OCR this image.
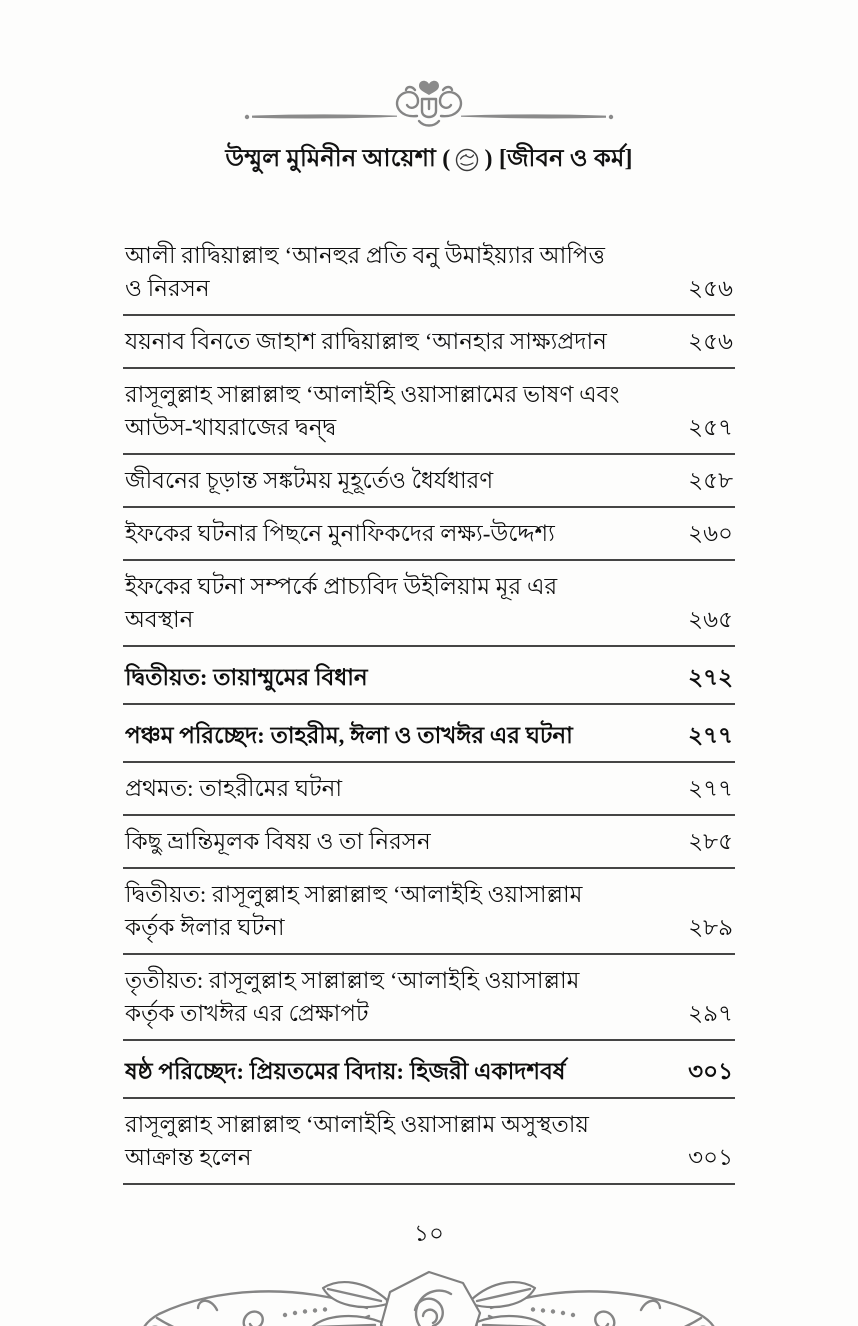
উম্মুল মুমিনীন আয়েশা ( ) [জীবন ও কর্ম]
আলী রাদ্বিয়াল্লাহু ‘আনহুর প্রতি বনু উমাইয়্যার আপিত্ত ও নিরসন	২৫৬
যয়নাব বিনতে জাহাশ রাদ্বিয়াল্লাহু ‘আনহার সাক্ষ্যপ্রদান	২৫৬
রাসূলুল্লাহ সাল্লাল্লাহু ‘আলাইহি ওয়াসাল্লামের ভাষণ এবং আউস-খাযরাজের দ্বন্দ্ব	২৫৭
জীবনের চূড়ান্ত সঙ্কটময় মূহূর্তেও ধৈর্যধারণ	২৫৮
ইফকের ঘটনার পিছনে মুনাফিকদের লক্ষ্য-উদ্দেশ্য	২৬০
ইফকের ঘটনা সম্পর্কে প্রাচ্যবিদ উইলিয়াম মূর এর অবস্থান	২৬৫
দ্বিতীয়ত: তায়াম্মুমের বিধান	২৭২
পঞ্চম পরিচ্ছেদ: তাহরীম, ঈলা ও তাখঈর এর ঘটনা	২৭৭
প্রথমত: তাহরীমের ঘটনা	২৭৭
কিছু ভ্রান্তিমূলক বিষয় ও তা নিরসন	২৮৫
দ্বিতীয়ত: রাসূলুল্লাহ সাল্লাল্লাহু ‘আলাইহি ওয়াসাল্লাম কর্তৃক ঈলার ঘটনা	২৮৯
তৃতীয়ত: রাসূলুল্লাহ সাল্লাল্লাহু ‘আলাইহি ওয়াসাল্লাম কর্তৃক তাখঈর এর প্রেক্ষাপট	২৯৭
ষষ্ঠ পরিচ্ছেদ: প্রিয়তমের বিদায়: হিজরী একাদশবর্ষ	৩০১
রাসূলুল্লাহ সাল্লাল্লাহু ‘আলাইহি ওয়াসাল্লাম অসুস্থতায় আক্রান্ত হলেন	৩০১
১০
